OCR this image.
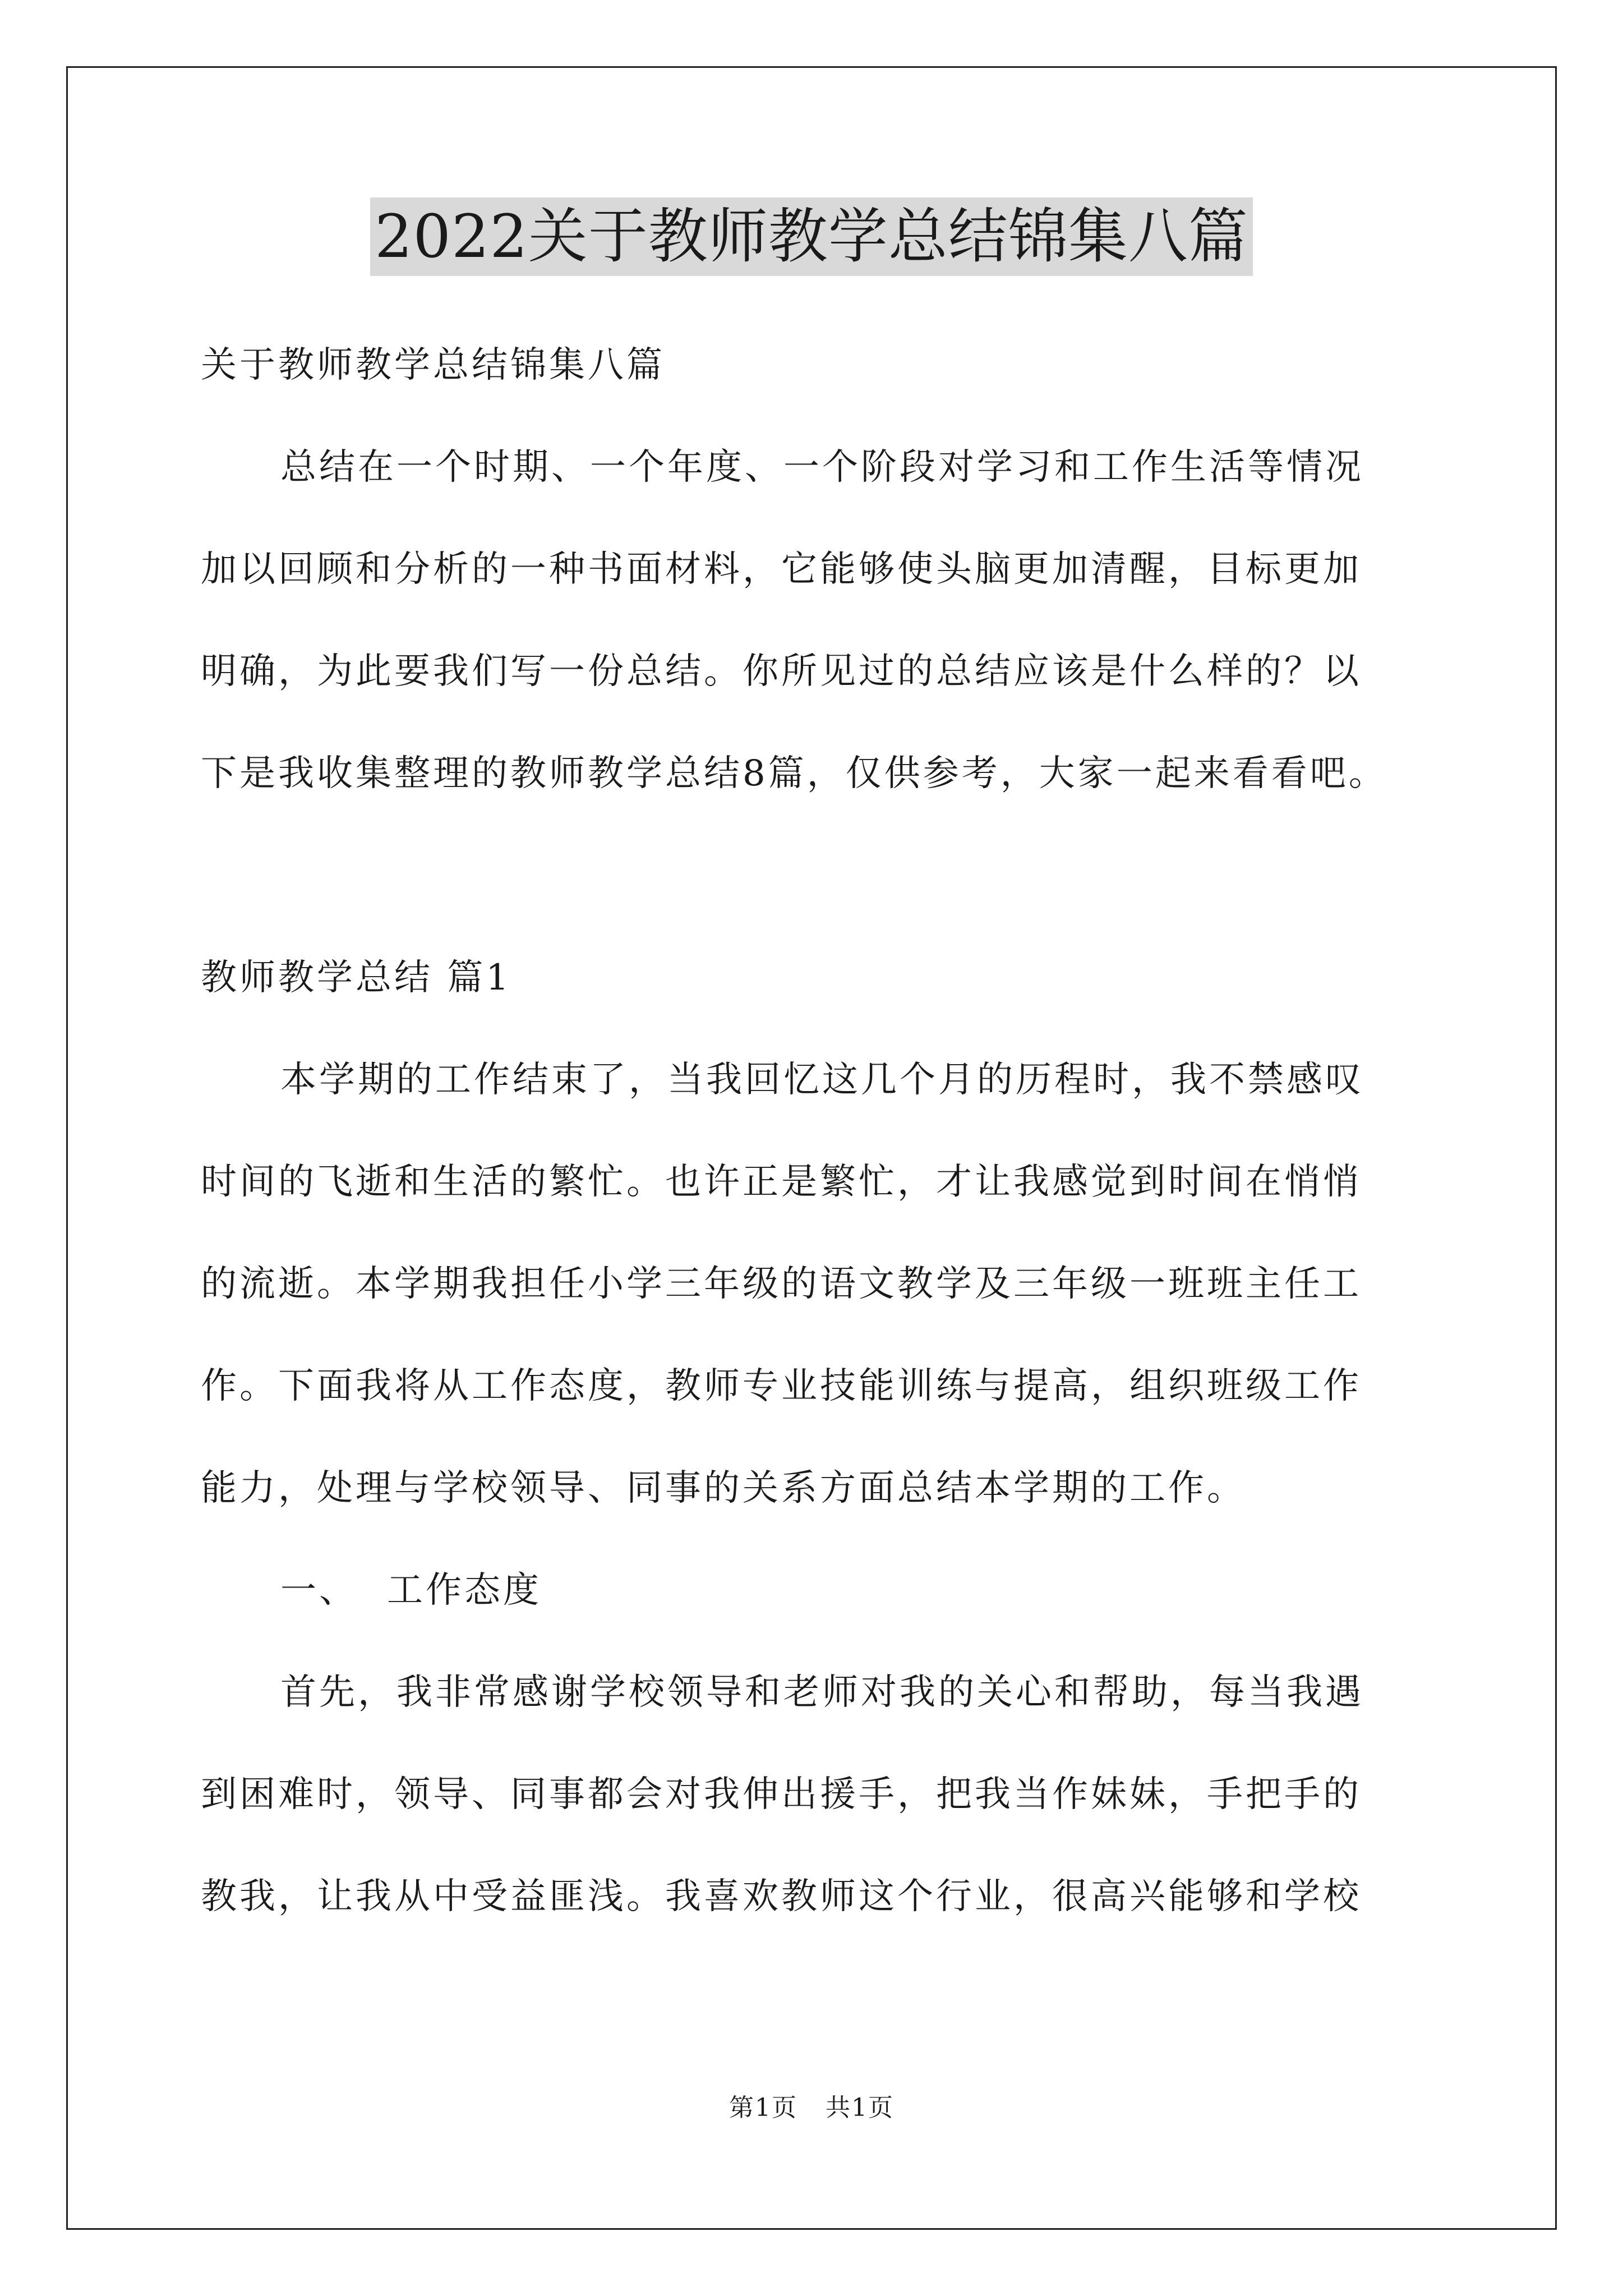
2022关于教师教学总结锦集八篇

关于教师教学总结锦集八篇

总结在一个时期、一个年度、一个阶段对学习和工作生活等情况

加以回顾和分析的一种书面材料，它能够使头脑更加清醒，目标更加

明确，为此要我们写一份总结。你所见过的总结应该是什么样的？以

下是我收集整理的教师教学总结8篇，仅供参考，大家一起来看看吧。

教师教学总结 篇1

本学期的工作结束了，当我回忆这几个月的历程时，我不禁感叹

时间的飞逝和生活的繁忙。也许正是繁忙，才让我感觉到时间在悄悄

的流逝。本学期我担任小学三年级的语文教学及三年级一班班主任工

作。下面我将从工作态度，教师专业技能训练与提高，组织班级工作

能力，处理与学校领导、同事的关系方面总结本学期的工作。

一、 工作态度

首先，我非常感谢学校领导和老师对我的关心和帮助，每当我遇

到困难时，领导、同事都会对我伸出援手，把我当作妹妹，手把手的

教我，让我从中受益匪浅。我喜欢教师这个行业，很高兴能够和学校

第1页 共1页
